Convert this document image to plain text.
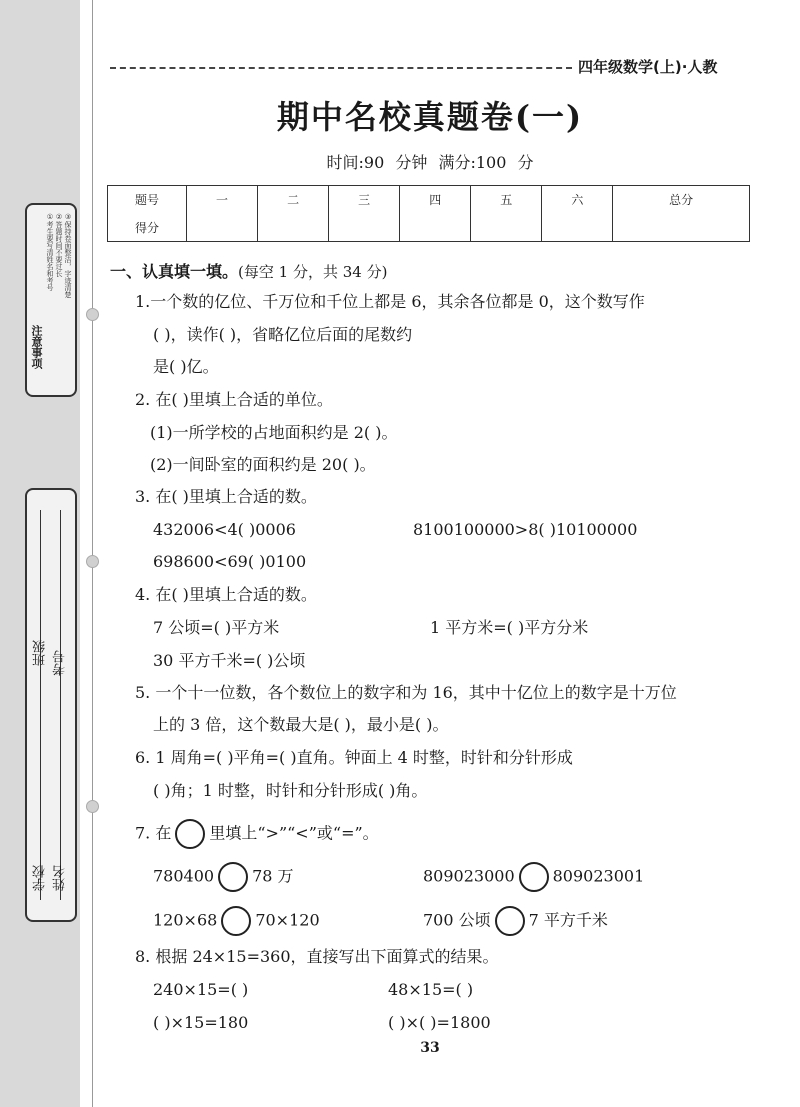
注意事项
①考生要写清姓名和考号 ②答题时间不要过长 ③保持卷面整洁，字迹清楚
班级 考号
学校 姓名
四年级数学(上)·人教
期中名校真题卷(一)
时间:90 分钟 满分:100 分
题号	一	二	三	四	五	六	总分
得分							
一、认真填一填。(每空 1 分，共 34 分)
1.一个数的亿位、千万位和千位上都是 6，其余各位都是 0，这个数写作
( )，读作( )，省略亿位后面的尾数约
是( )亿。
2. 在( )里填上合适的单位。
(1)一所学校的占地面积约是 2( )。
(2)一间卧室的面积约是 20( )。
3. 在( )里填上合适的数。
432006<4( )0006	8100100000>8( )10100000
698600<69( )0100
4. 在( )里填上合适的数。
7 公顷=( )平方米	1 平方米=( )平方分米
30 平方千米=( )公顷
5. 一个十一位数，各个数位上的数字和为 16，其中十亿位上的数字是十万位
上的 3 倍，这个数最大是( )，最小是( )。
6. 1 周角=( )平角=( )直角。钟面上 4 时整，时针和分针形成
( )角；1 时整，时针和分针形成( )角。
7. 在 里填上“>”“<”或“=”。
780400 78 万	809023000 809023001
120×68 70×120	700 公顷 7 平方千米
8. 根据 24×15=360，直接写出下面算式的结果。
240×15=( )	48×15=( )
( )×15=180	( )×( )=1800
33
